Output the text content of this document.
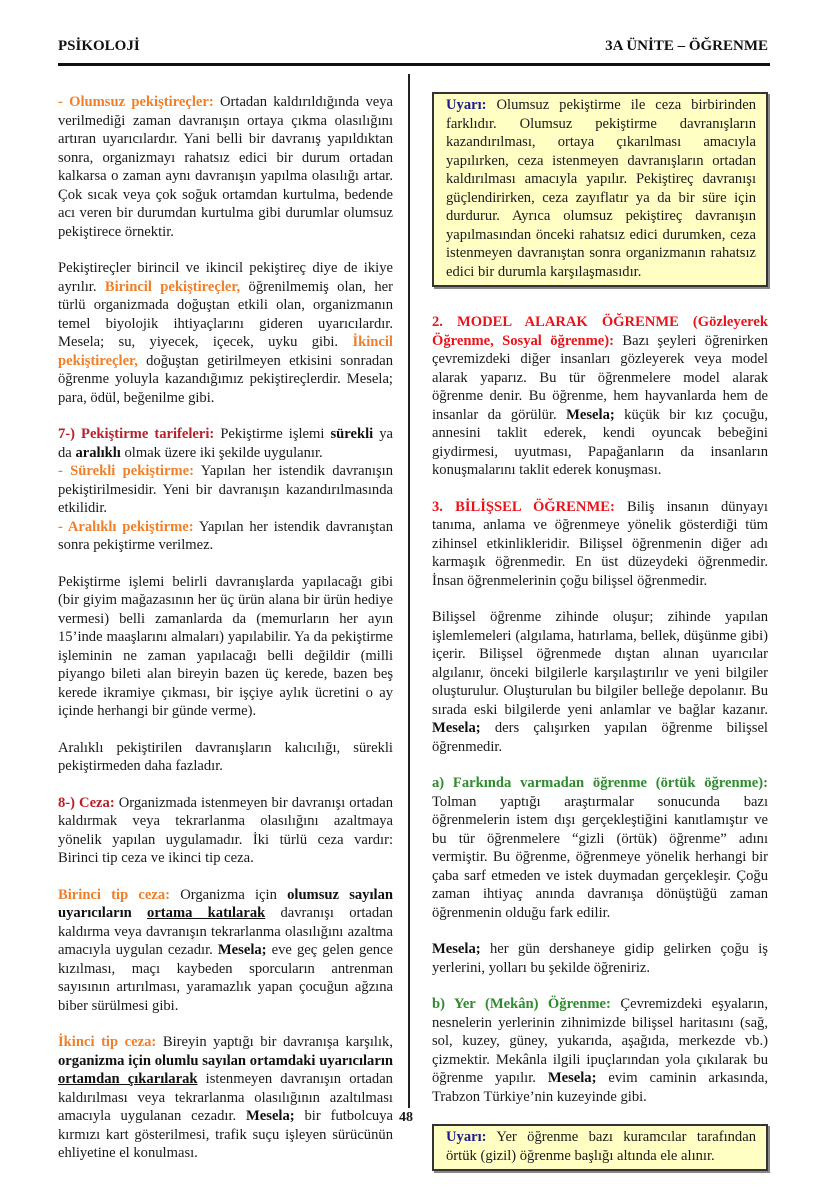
PSİKOLOJİ	3A ÜNİTE – ÖĞRENME

- Olumsuz pekiştireçler: Ortadan kaldırıldığında veya verilmediği zaman davranışın ortaya çıkma olasılığını artıran uyarıcılardır. Yani belli bir davranış yapıldıktan sonra, organizmayı rahatsız edici bir durum ortadan kalkarsa o zaman aynı davranışın yapılma olasılığı artar. Çok sıcak veya çok soğuk ortamdan kurtulma, bedende acı veren bir durumdan kurtulma gibi durumlar olumsuz pekiştirece örnektir.

Pekiştireçler birincil ve ikincil pekiştireç diye de ikiye ayrılır. Birincil pekiştireçler, öğrenilmemiş olan, her türlü organizmada doğuştan etkili olan, organizmanın temel biyolojik ihtiyaçlarını gideren uyarıcılardır. Mesela; su, yiyecek, içecek, uyku gibi. İkincil pekiştireçler, doğuştan getirilmeyen etkisini sonradan öğrenme yoluyla kazandığımız pekiştireçlerdir. Mesela; para, ödül, beğenilme gibi.

7-) Pekiştirme tarifeleri: Pekiştirme işlemi sürekli ya da aralıklı olmak üzere iki şekilde uygulanır.

- Sürekli pekiştirme: Yapılan her istendik davranışın pekiştirilmesidir. Yeni bir davranışın kazandırılmasında etkilidir.

- Aralıklı pekiştirme: Yapılan her istendik davranıştan sonra pekiştirme verilmez.

Pekiştirme işlemi belirli davranışlarda yapılacağı gibi (bir giyim mağazasının her üç ürün alana bir ürün hediye vermesi) belli zamanlarda da (memurların her ayın 15’inde maaşlarını almaları) yapılabilir. Ya da pekiştirme işleminin ne zaman yapılacağı belli değildir (milli piyango bileti alan bireyin bazen üç kerede, bazen beş kerede ikramiye çıkması, bir işçiye aylık ücretini o ay içinde herhangi bir günde verme).

Aralıklı pekiştirilen davranışların kalıcılığı, sürekli pekiştirmeden daha fazladır.

8-) Ceza: Organizmada istenmeyen bir davranışı ortadan kaldırmak veya tekrarlanma olasılığını azaltmaya yönelik yapılan uygulamadır. İki türlü ceza vardır: Birinci tip ceza ve ikinci tip ceza.

Birinci tip ceza: Organizma için olumsuz sayılan uyarıcıların ortama katılarak davranışı ortadan kaldırma veya davranışın tekrarlanma olasılığını azaltma amacıyla uygulan cezadır. Mesela; eve geç gelen gence kızılması, maçı kaybeden sporcuların antrenman sayısının artırılması, yaramazlık yapan çocuğun ağzına biber sürülmesi gibi.

İkinci tip ceza: Bireyin yaptığı bir davranışa karşılık, organizma için olumlu sayılan ortamdaki uyarıcıların ortamdan çıkarılarak istenmeyen davranışın ortadan kaldırılması veya tekrarlanma olasılığının azaltılması amacıyla uygulanan cezadır. Mesela; bir futbolcuya kırmızı kart gösterilmesi, trafik suçu işleyen sürücünün ehliyetine el konulması.

Uyarı: Olumsuz pekiştirme ile ceza birbirinden farklıdır. Olumsuz pekiştirme davranışların kazandırılması, ortaya çıkarılması amacıyla yapılırken, ceza istenmeyen davranışların ortadan kaldırılması amacıyla yapılır. Pekiştireç davranışı güçlendirirken, ceza zayıflatır ya da bir süre için durdurur. Ayrıca olumsuz pekiştireç davranışın yapılmasından önceki rahatsız edici durumken, ceza istenmeyen davranıştan sonra organizmanın rahatsız edici bir durumla karşılaşmasıdır.

2. MODEL ALARAK ÖĞRENME (Gözleyerek Öğrenme, Sosyal öğrenme): Bazı şeyleri öğrenirken çevremizdeki diğer insanları gözleyerek veya model alarak yaparız. Bu tür öğrenmelere model alarak öğrenme denir. Bu öğrenme, hem hayvanlarda hem de insanlar da görülür. Mesela; küçük bir kız çocuğu, annesini taklit ederek, kendi oyuncak bebeğini giydirmesi, uyutması, Papağanların da insanların konuşmalarını taklit ederek konuşması.

3. BİLİŞSEL ÖĞRENME: Biliş insanın dünyayı tanıma, anlama ve öğrenmeye yönelik gösterdiği tüm zihinsel etkinlikleridir. Bilişsel öğrenmenin diğer adı karmaşık öğrenmedir. En üst düzeydeki öğrenmedir. İnsan öğrenmelerinin çoğu bilişsel öğrenmedir.

Bilişsel öğrenme zihinde oluşur; zihinde yapılan işlemlemeleri (algılama, hatırlama, bellek, düşünme gibi) içerir. Bilişsel öğrenmede dıştan alınan uyarıcılar algılanır, önceki bilgilerle karşılaştırılır ve yeni bilgiler oluşturulur. Oluşturulan bu bilgiler belleğe depolanır. Bu sırada eski bilgilerde yeni anlamlar ve bağlar kazanır. Mesela; ders çalışırken yapılan öğrenme bilişsel öğrenmedir.

a) Farkında varmadan öğrenme (örtük öğrenme): Tolman yaptığı araştırmalar sonucunda bazı öğrenmelerin istem dışı gerçekleştiğini kanıtlamıştır ve bu tür öğrenmelere “gizli (örtük) öğrenme” adını vermiştir. Bu öğrenme, öğrenmeye yönelik herhangi bir çaba sarf etmeden ve istek duymadan gerçekleşir. Çoğu zaman ihtiyaç anında davranışa dönüştüğü zaman öğrenmenin olduğu fark edilir.

Mesela; her gün dershaneye gidip gelirken çoğu iş yerlerini, yolları bu şekilde öğreniriz.

b) Yer (Mekân) Öğrenme: Çevremizdeki eşyaların, nesnelerin yerlerinin zihnimizde bilişsel haritasını (sağ, sol, kuzey, güney, yukarıda, aşağıda, merkezde vb.) çizmektir. Mekânla ilgili ipuçlarından yola çıkılarak bu öğrenme yapılır. Mesela; evim caminin arkasında, Trabzon Türkiye’nin kuzeyinde gibi.

Uyarı: Yer öğrenme bazı kuramcılar tarafından örtük (gizil) öğrenme başlığı altında ele alınır.

48
